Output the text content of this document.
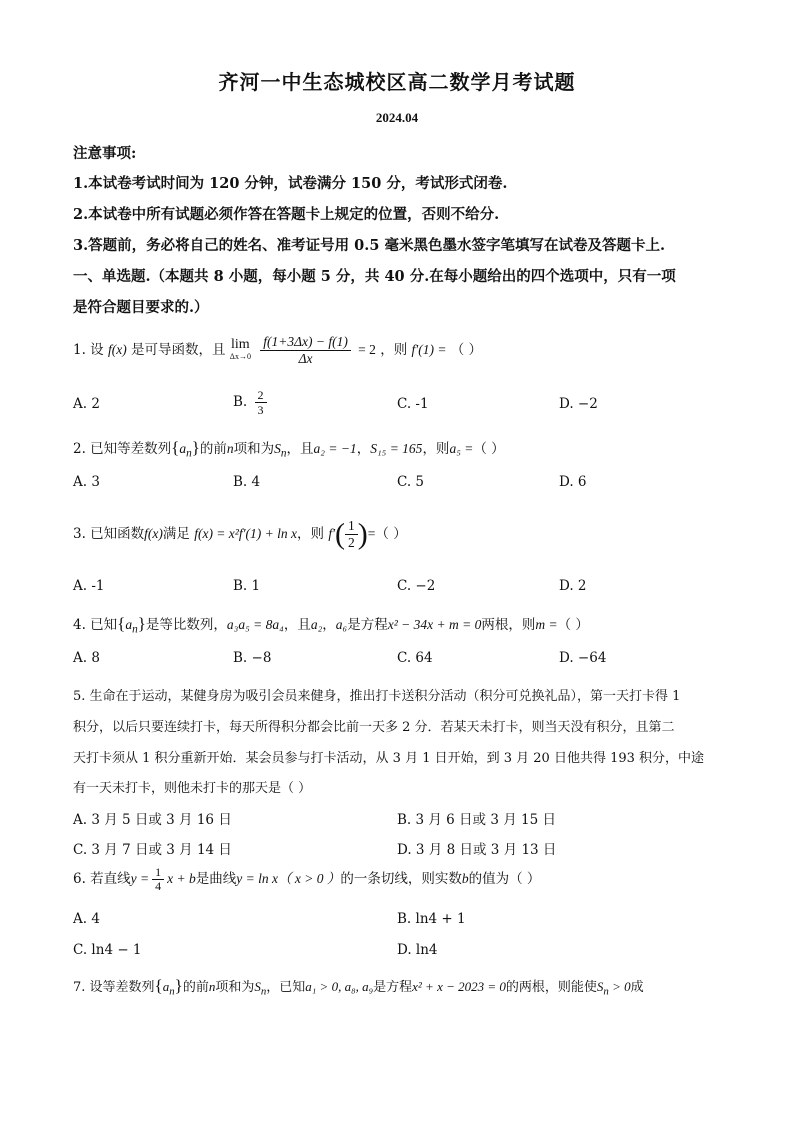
齐河一中生态城校区高二数学月考试题
2024.04
注意事项:
1.本试卷考试时间为 120 分钟，试卷满分 150 分，考试形式闭卷.
2.本试卷中所有试题必须作答在答题卡上规定的位置，否则不给分.
3.答题前，务必将自己的姓名、准考证号用 0.5 毫米黑色墨水签字笔填写在试卷及答题卡上.
一、单选题.（本题共 8 小题，每小题 5 分，共 40 分.在每小题给出的四个选项中，只有一项
是符合题目要求的.）
1. 设 f(x) 是可导函数，且 lim
Δx→0
$\frac{f(1+3\Delta x) - f(1)}{\Delta x} = 2$ ，则 f′(1) = （ ）
A. 2	B. $\frac{2}{3}$	C. -1	D. −2
2. 已知等差数列$\{a_n\}$的前n项和为$S_n$，且a₂ = −1，S₁₅ = 165，则a₅ =（ ）
A. 3	B. 4	C. 5	D. 6
3. 已知函数f(x)满足 f(x) = x²f′(1) + ln x，则 $f'( \frac{1}{2}$ )=（ ）
A. -1	B. 1	C. −2	D. 2
4. 已知$\{a_n\}$是等比数列，a₃a₅ = 8a₄，且a₂，a₆是方程x² − 34x + m = 0两根，则m =（ ）
A. 8	B. −8	C. 64	D. −64
5. 生命在于运动，某健身房为吸引会员来健身，推出打卡送积分活动（积分可兑换礼品），第一天打卡得 1
积分，以后只要连续打卡，每天所得积分都会比前一天多 2 分．若某天未打卡，则当天没有积分，且第二
天打卡须从 1 积分重新开始．某会员参与打卡活动，从 3 月 1 日开始，到 3 月 20 日他共得 193 积分，中途
有一天未打卡，则他未打卡的那天是（ ）
A. 3 月 5 日或 3 月 16 日	B. 3 月 6 日或 3 月 15 日
C. 3 月 7 日或 3 月 14 日	D. 3 月 8 日或 3 月 13 日
6. 若直线$y = \frac{1}{4}$ x + b是曲线y = ln x（ x > 0 ）的一条切线，则实数b的值为（ ）
A. 4	B. ln4 + 1
C. ln4 − 1	D. ln4
7. 设等差数列$\{a_n\}$的前n项和为$S_n$，已知a₁ > 0, a₈, a₉是方程x² + x − 2023 = 0的两根，则能使$S_n > 0$成
